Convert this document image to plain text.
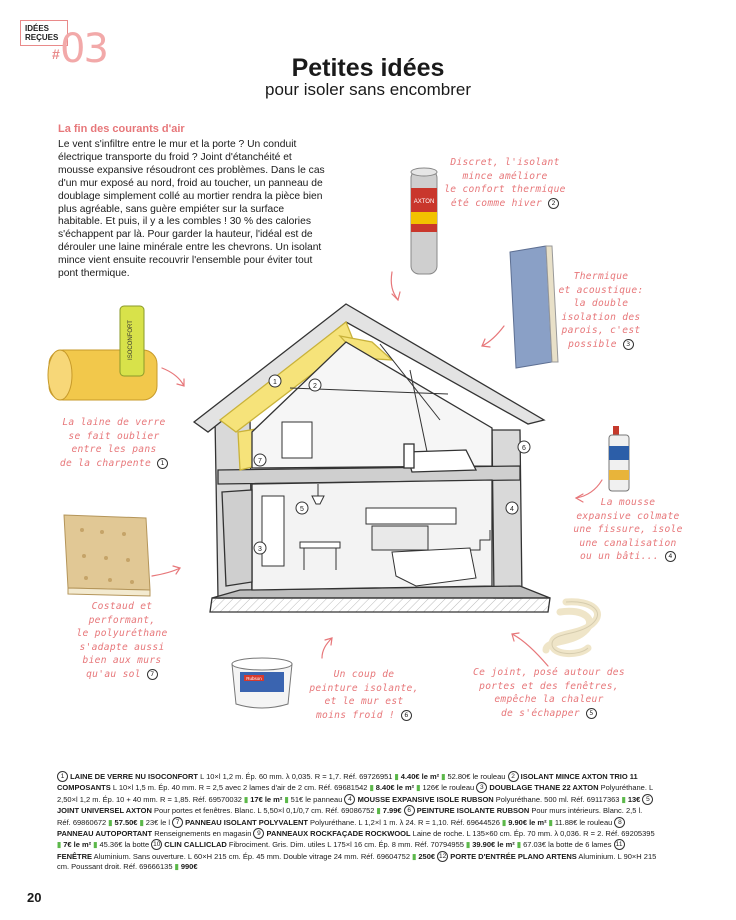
IDÉES
REÇUES
# 03	Petites idées
pour isoler sans encombrer
La fin des courants d'air
Le vent s'infiltre entre le mur et la porte ? Un conduit électrique transporte du froid ? Joint d'étanchéité et mousse expansive résoudront ces problèmes. Dans le cas d'un mur exposé au nord, froid au toucher, un panneau de doublage simplement collé au mortier rendra la pièce bien plus agréable, sans guère empiéter sur la surface habitable. Et puis, il y a les combles ! 30 % des calories s'échappent par là. Pour garder la hauteur, l'idéal est de dérouler une laine minérale entre les chevrons. Un isolant mince vient ensuite recouvrir l'ensemble pour éviter tout pont thermique.
AXTON
ISOCONFORT
Rubson
1
2
3
4
5
6
7
Discret, l'isolant
mince améliore
le confort thermique
été comme hiver 2
Thermique
et acoustique:
la double
isolation des
parois, c'est
possible 3
La laine de verre
se fait oublier
entre les pans
de la charpente 1
La mousse
expansive colmate
une fissure, isole
une canalisation
ou un bâti... 4
Costaud et
performant,
le polyuréthane
s'adapte aussi
bien aux murs
qu'au sol 7	Un coup de
peinture isolante,
et le mur est
moins froid ! 6
Ce joint, posé autour des
portes et des fenêtres,
empêche la chaleur
de s'échapper 5
1 LAINE DE VERRE NU ISOCONFORT L 10×l 1,2 m. Ép. 60 mm. λ 0,035. R = 1,7. Réf. 69726951 ▮ 4.40€ le m² ▮ 52.80€ le rouleau 2 ISOLANT MINCE AXTON TRIO 11 COMPOSANTS L 10×l 1,5 m. Ép. 40 mm. R = 2,5 avec 2 lames d'air de 2 cm. Réf. 69681542 ▮ 8.40€ le m² ▮ 126€ le rouleau 3 DOUBLAGE THANE 22 AXTON Polyuréthane. L 2,50×l 1,2 m. Ép. 10 + 40 mm. R = 1,85. Réf. 69570032 ▮ 17€ le m² ▮ 51€ le panneau 4 MOUSSE EXPANSIVE ISOLE RUBSON Polyuréthane. 500 ml. Réf. 69117363 ▮ 13€ 5 JOINT UNIVERSEL AXTON Pour portes et fenêtres. Blanc. L 5,50×l 0,1/0,7 cm. Réf. 69086752 ▮ 7.99€ 6 PEINTURE ISOLANTE RUBSON Pour murs intérieurs. Blanc. 2,5 l. Réf. 69860672 ▮ 57.50€ ▮ 23€ le l 7 PANNEAU ISOLANT POLYVALENT Polyuréthane. L 1,2×l 1 m. λ 24. R = 1,10. Réf. 69644526 ▮ 9.90€ le m² ▮ 11.88€ le rouleau 8 PANNEAU AUTOPORTANT Renseignements en magasin 9 PANNEAUX ROCKFAÇADE ROCKWOOL Laine de roche. L 135×60 cm. Ép. 70 mm. λ 0,036. R = 2. Réf. 69205395 ▮ 7€ le m² ▮ 45.36€ la botte 10 CLIN CALLICLAD Fibrociment. Gris. Dim. utiles L 175×l 16 cm. Ép. 8 mm. Réf. 70794955 ▮ 39.90€ le m² ▮ 67.03€ la botte de 6 lames 11 FENÊTRE Aluminium. Sans ouverture. L 60×H 215 cm. Ép. 45 mm. Double vitrage 24 mm. Réf. 69604752 ▮ 250€ 12 PORTE D'ENTRÉE PLANO ARTENS Aluminium. L 90×H 215 cm. Poussant droit. Réf. 69666135 ▮ 990€
20
